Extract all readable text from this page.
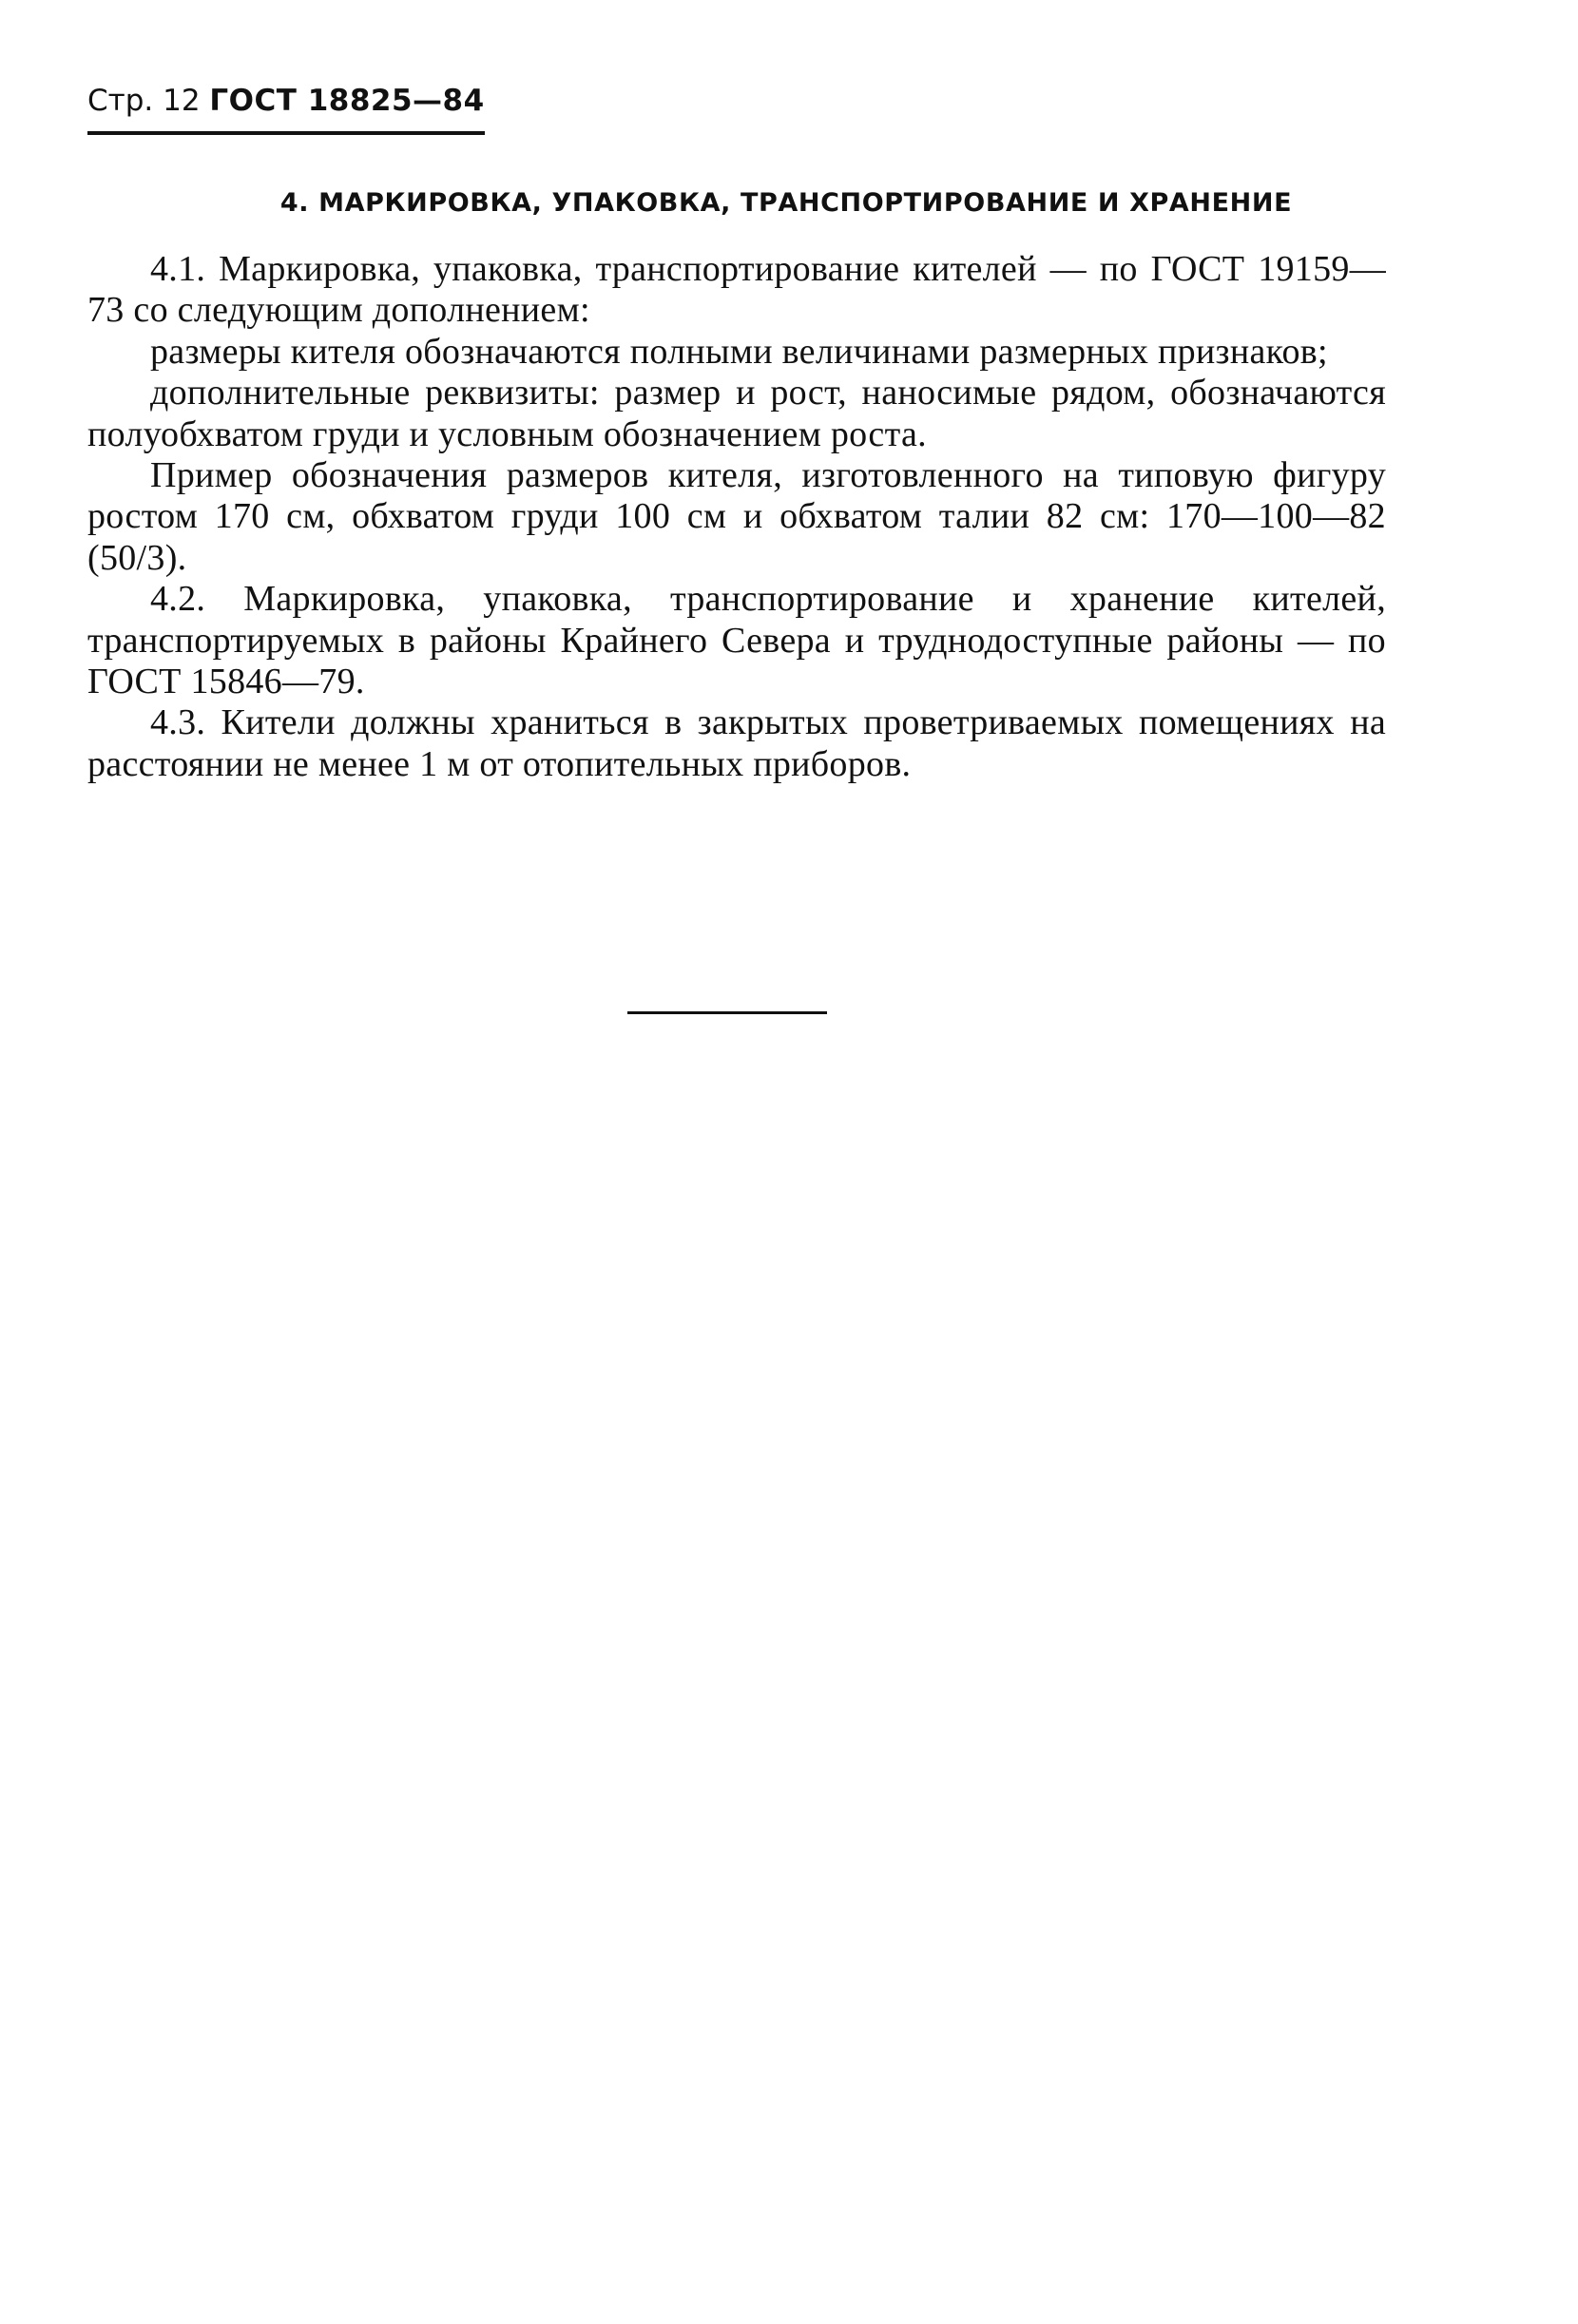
Стр. 12 ГОСТ 18825—84
4. МАРКИРОВКА, УПАКОВКА, ТРАНСПОРТИРОВАНИЕ И ХРАНЕНИЕ

4.1. Маркировка, упаковка, транспортирование кителей — по ГОСТ 19159—73 со следующим дополнением:

размеры кителя обозначаются полными величинами размерных признаков;

дополнительные реквизиты: размер и рост, наносимые рядом, обозначаются полуобхватом груди и условным обозначением роста.

Пример обозначения размеров кителя, изготовленного на типовую фигуру ростом 170 см, обхватом груди 100 см и обхватом талии 82 см: 170—100—82 (50/3).

4.2. Маркировка, упаковка, транспортирование и хранение кителей, транспортируемых в районы Крайнего Севера и труднодоступные районы — по ГОСТ 15846—79.

4.3. Кители должны храниться в закрытых проветриваемых помещениях на расстоянии не менее 1 м от отопительных приборов.
